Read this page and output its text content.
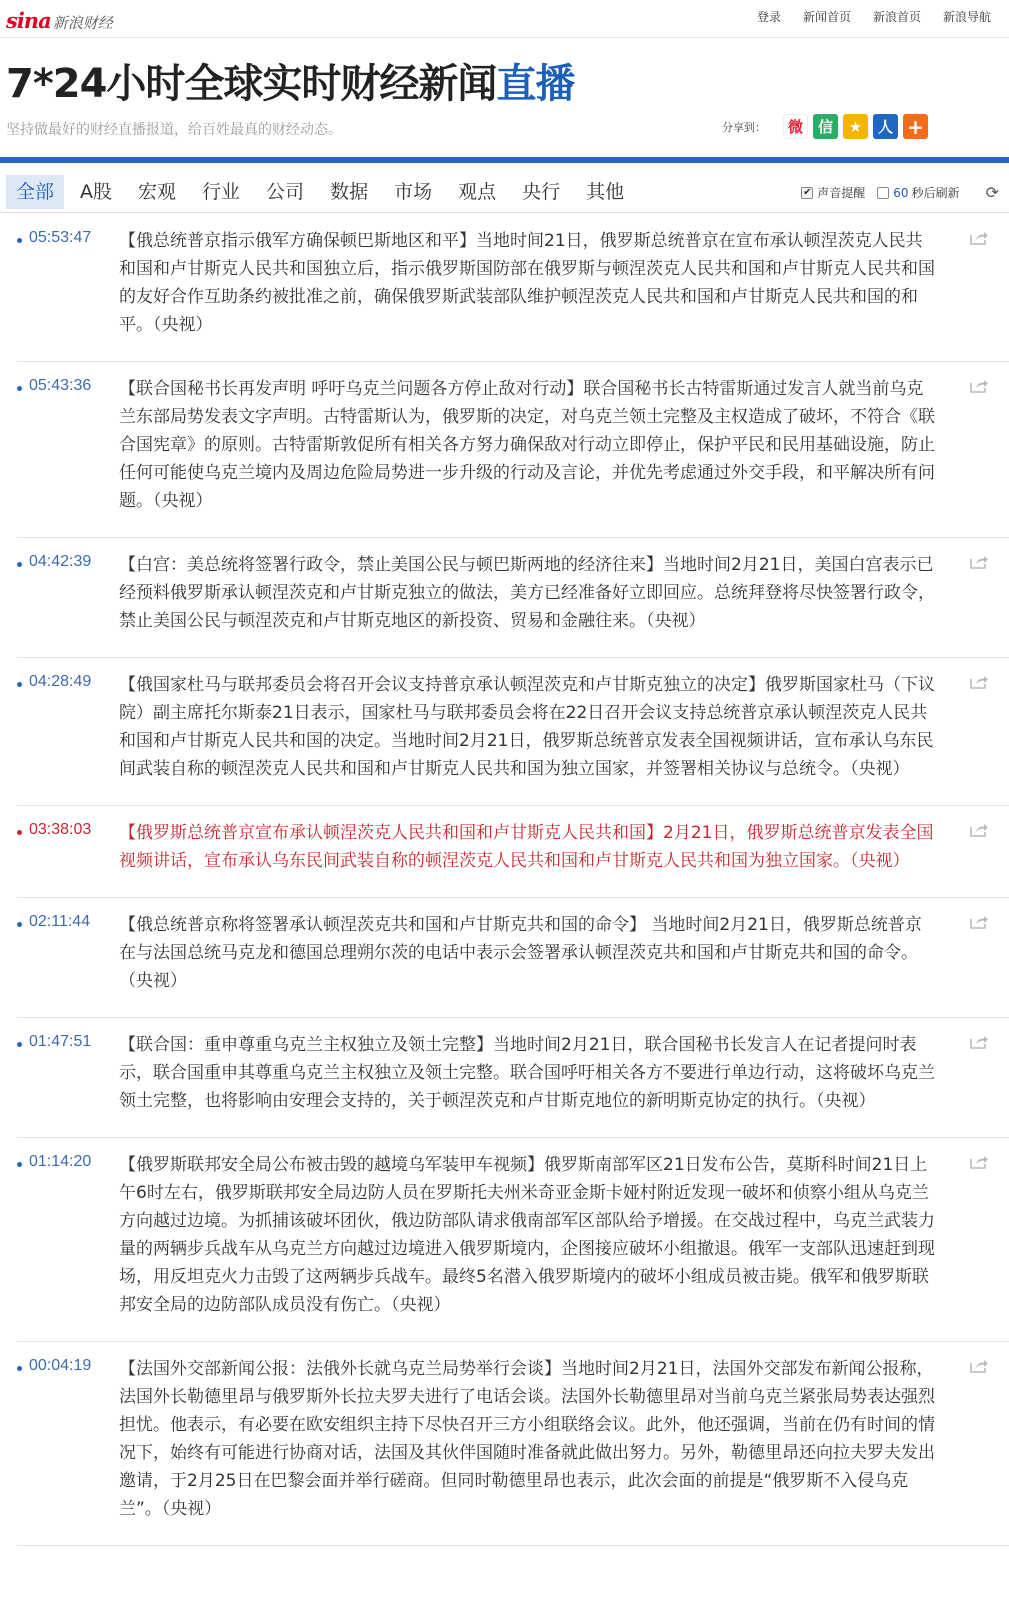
sina 新浪财经	登录 新闻首页 新浪首页 新浪导航
7*24小时全球实时财经新闻直播
坚持做最好的财经直播报道，给百姓最真的财经动态。	分享到：	微 信	★	人 +
全部	A股	宏观	行业	公司	数据	市场	观点	央行	其他	✔ 声音提醒 60 秒后刷新 ⟳
05:53:47 【俄总统普京指示俄军方确保顿巴斯地区和平】当地时间21日，俄罗斯总统普京在宣布承认顿涅茨克人民共和国和卢甘斯克人民共和国独立后，指示俄罗斯国防部在俄罗斯与顿涅茨克人民共和国和卢甘斯克人民共和国的友好合作互助条约被批准之前，确保俄罗斯武装部队维护顿涅茨克人民共和国和卢甘斯克人民共和国的和平。（央视）
05:43:36 【联合国秘书长再发声明 呼吁乌克兰问题各方停止敌对行动】联合国秘书长古特雷斯通过发言人就当前乌克兰东部局势发表文字声明。古特雷斯认为，俄罗斯的决定，对乌克兰领土完整及主权造成了破坏，不符合《联合国宪章》的原则。古特雷斯敦促所有相关各方努力确保敌对行动立即停止，保护平民和民用基础设施，防止任何可能使乌克兰境内及周边危险局势进一步升级的行动及言论，并优先考虑通过外交手段，和平解决所有问题。（央视）
04:42:39 【白宫：美总统将签署行政令，禁止美国公民与顿巴斯两地的经济往来】当地时间2月21日，美国白宫表示已经预料俄罗斯承认顿涅茨克和卢甘斯克独立的做法，美方已经准备好立即回应。总统拜登将尽快签署行政令，禁止美国公民与顿涅茨克和卢甘斯克地区的新投资、贸易和金融往来。（央视）
04:28:49 【俄国家杜马与联邦委员会将召开会议支持普京承认顿涅茨克和卢甘斯克独立的决定】俄罗斯国家杜马（下议院）副主席托尔斯泰21日表示，国家杜马与联邦委员会将在22日召开会议支持总统普京承认顿涅茨克人民共和国和卢甘斯克人民共和国的决定。当地时间2月21日，俄罗斯总统普京发表全国视频讲话，宣布承认乌东民间武装自称的顿涅茨克人民共和国和卢甘斯克人民共和国为独立国家，并签署相关协议与总统令。（央视）
03:38:03 【俄罗斯总统普京宣布承认顿涅茨克人民共和国和卢甘斯克人民共和国】2月21日，俄罗斯总统普京发表全国视频讲话，宣布承认乌东民间武装自称的顿涅茨克人民共和国和卢甘斯克人民共和国为独立国家。（央视）
02:11:44 【俄总统普京称将签署承认顿涅茨克共和国和卢甘斯克共和国的命令】 当地时间2月21日，俄罗斯总统普京在与法国总统马克龙和德国总理朔尔茨的电话中表示会签署承认顿涅茨克共和国和卢甘斯克共和国的命令。（央视）
01:47:51 【联合国：重申尊重乌克兰主权独立及领土完整】当地时间2月21日，联合国秘书长发言人在记者提问时表示，联合国重申其尊重乌克兰主权独立及领土完整。联合国呼吁相关各方不要进行单边行动，这将破坏乌克兰领土完整，也将影响由安理会支持的，关于顿涅茨克和卢甘斯克地位的新明斯克协定的执行。（央视）
01:14:20 【俄罗斯联邦安全局公布被击毁的越境乌军装甲车视频】俄罗斯南部军区21日发布公告，莫斯科时间21日上午6时左右，俄罗斯联邦安全局边防人员在罗斯托夫州米奇亚金斯卡娅村附近发现一破坏和侦察小组从乌克兰方向越过边境。为抓捕该破坏团伙，俄边防部队请求俄南部军区部队给予增援。在交战过程中，乌克兰武装力量的两辆步兵战车从乌克兰方向越过边境进入俄罗斯境内，企图接应破坏小组撤退。俄军一支部队迅速赶到现场，用反坦克火力击毁了这两辆步兵战车。最终5名潜入俄罗斯境内的破坏小组成员被击毙。俄军和俄罗斯联邦安全局的边防部队成员没有伤亡。（央视）
00:04:19 【法国外交部新闻公报：法俄外长就乌克兰局势举行会谈】当地时间2月21日，法国外交部发布新闻公报称，法国外长勒德里昂与俄罗斯外长拉夫罗夫进行了电话会谈。法国外长勒德里昂对当前乌克兰紧张局势表达强烈担忧。他表示，有必要在欧安组织主持下尽快召开三方小组联络会议。此外，他还强调，当前在仍有时间的情况下，始终有可能进行协商对话，法国及其伙伴国随时准备就此做出努力。另外，勒德里昂还向拉夫罗夫发出邀请，于2月25日在巴黎会面并举行磋商。但同时勒德里昂也表示，此次会面的前提是“俄罗斯不入侵乌克兰”。（央视）
